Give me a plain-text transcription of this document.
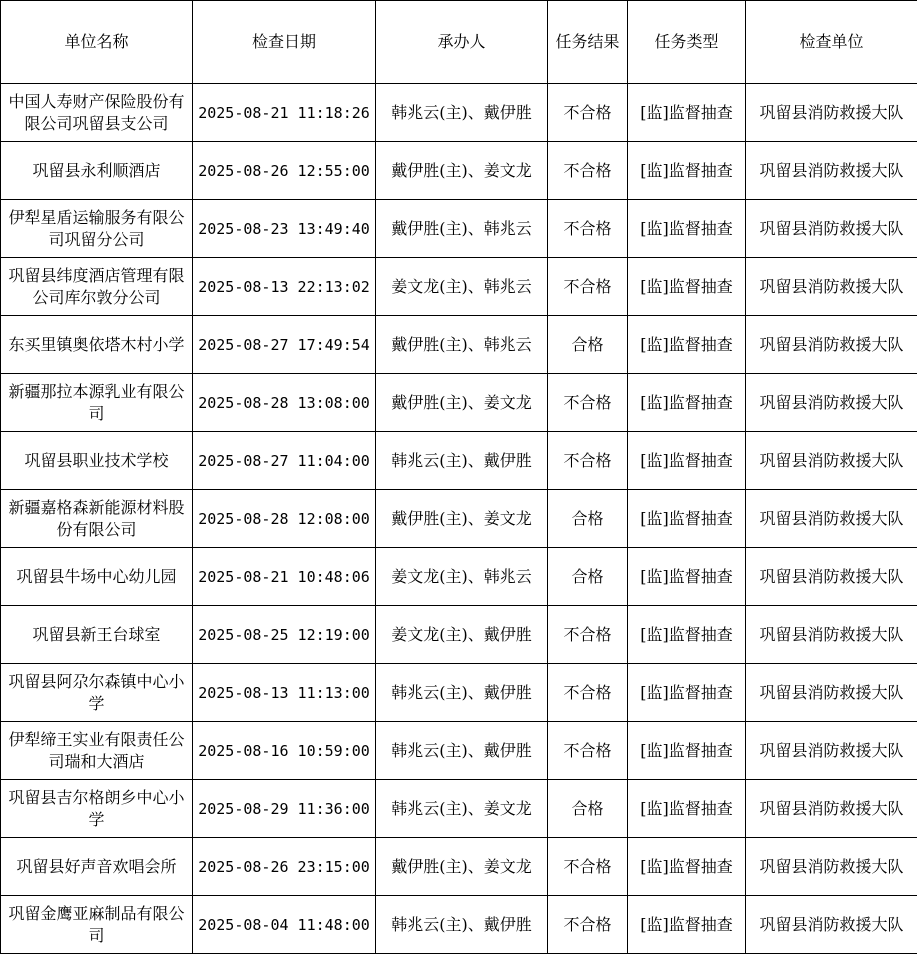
单位名称	检查日期	承办人	任务结果	任务类型	检查单位
中国人寿财产保险股份有限公司巩留县支公司	2025-08-21 11:18:26	韩兆云(主)、戴伊胜	不合格	[监]监督抽查	巩留县消防救援大队
巩留县永利顺酒店	2025-08-26 12:55:00	戴伊胜(主)、姜文龙	不合格	[监]监督抽查	巩留县消防救援大队
伊犁星盾运输服务有限公司巩留分公司	2025-08-23 13:49:40	戴伊胜(主)、韩兆云	不合格	[监]监督抽查	巩留县消防救援大队
巩留县纬度酒店管理有限公司库尔敦分公司	2025-08-13 22:13:02	姜文龙(主)、韩兆云	不合格	[监]监督抽查	巩留县消防救援大队
东买里镇奥依塔木村小学	2025-08-27 17:49:54	戴伊胜(主)、韩兆云	合格	[监]监督抽查	巩留县消防救援大队
新疆那拉本源乳业有限公司	2025-08-28 13:08:00	戴伊胜(主)、姜文龙	不合格	[监]监督抽查	巩留县消防救援大队
巩留县职业技术学校	2025-08-27 11:04:00	韩兆云(主)、戴伊胜	不合格	[监]监督抽查	巩留县消防救援大队
新疆嘉格森新能源材料股份有限公司	2025-08-28 12:08:00	戴伊胜(主)、姜文龙	合格	[监]监督抽查	巩留县消防救援大队
巩留县牛场中心幼儿园	2025-08-21 10:48:06	姜文龙(主)、韩兆云	合格	[监]监督抽查	巩留县消防救援大队
巩留县新王台球室	2025-08-25 12:19:00	姜文龙(主)、戴伊胜	不合格	[监]监督抽查	巩留县消防救援大队
巩留县阿尕尔森镇中心小学	2025-08-13 11:13:00	韩兆云(主)、戴伊胜	不合格	[监]监督抽查	巩留县消防救援大队
伊犁缔王实业有限责任公司瑞和大酒店	2025-08-16 10:59:00	韩兆云(主)、戴伊胜	不合格	[监]监督抽查	巩留县消防救援大队
巩留县吉尔格朗乡中心小学	2025-08-29 11:36:00	韩兆云(主)、姜文龙	合格	[监]监督抽查	巩留县消防救援大队
巩留县好声音欢唱会所	2025-08-26 23:15:00	戴伊胜(主)、姜文龙	不合格	[监]监督抽查	巩留县消防救援大队
巩留金鹰亚麻制品有限公司	2025-08-04 11:48:00	韩兆云(主)、戴伊胜	不合格	[监]监督抽查	巩留县消防救援大队
